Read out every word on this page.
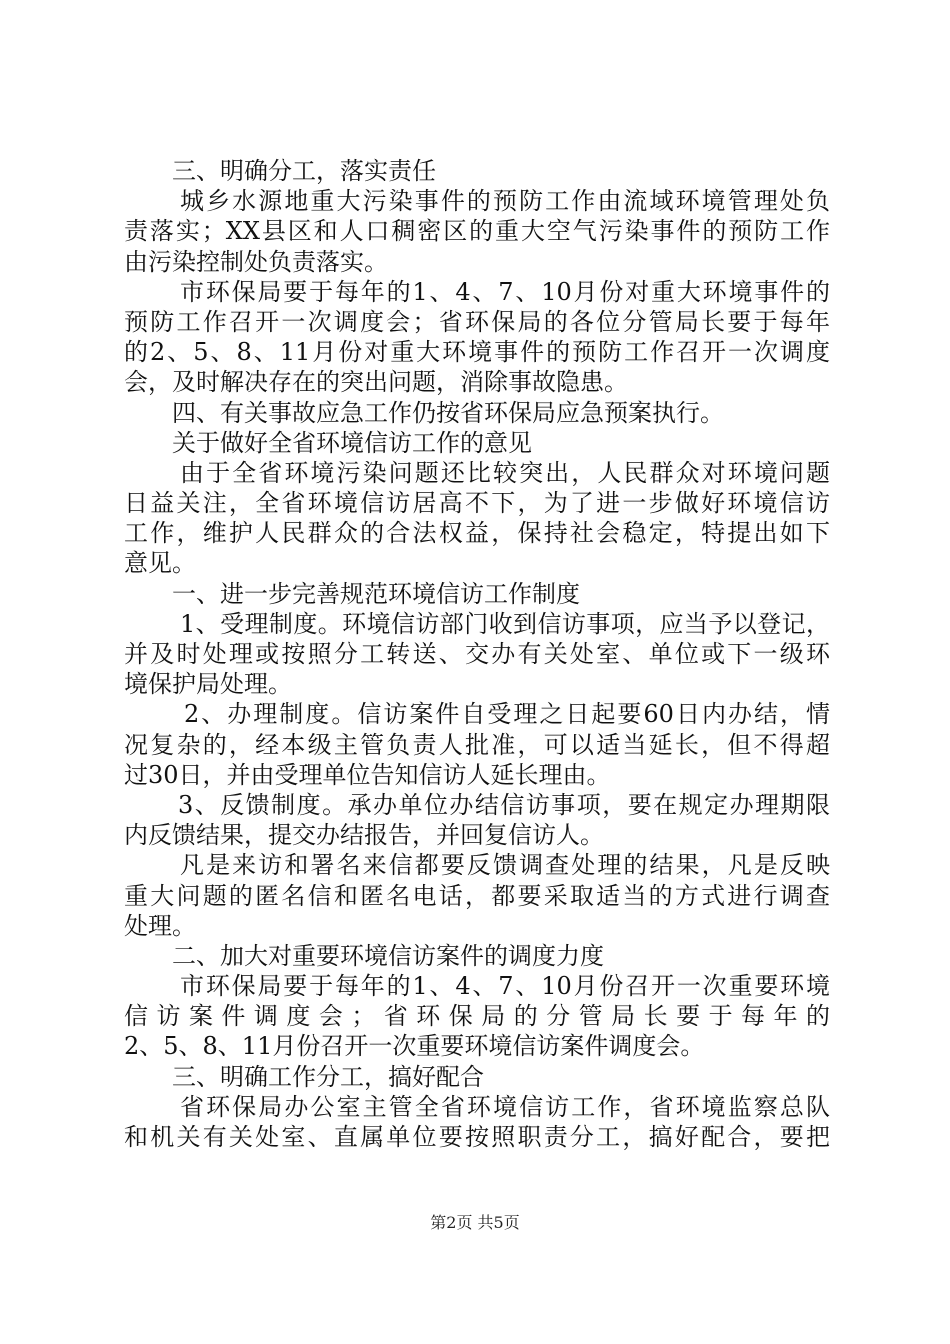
三、明确分工，落实责任
城乡水源地重大污染事件的预防工作由流域环境管理处负
责落实；XX县区和人口稠密区的重大空气污染事件的预防工作
由污染控制处负责落实。
市环保局要于每年的1、4、7、10月份对重大环境事件的
预防工作召开一次调度会；省环保局的各位分管局长要于每年
的2、5、8、11月份对重大环境事件的预防工作召开一次调度
会，及时解决存在的突出问题，消除事故隐患。
四、有关事故应急工作仍按省环保局应急预案执行。
关于做好全省环境信访工作的意见
由于全省环境污染问题还比较突出，人民群众对环境问题
日益关注，全省环境信访居高不下，为了进一步做好环境信访
工作，维护人民群众的合法权益，保持社会稳定，特提出如下
意见。
一、进一步完善规范环境信访工作制度
1、受理制度。环境信访部门收到信访事项，应当予以登记，
并及时处理或按照分工转送、交办有关处室、单位或下一级环
境保护局处理。
2、办理制度。信访案件自受理之日起要60日内办结，情
况复杂的，经本级主管负责人批准，可以适当延长，但不得超
过30日，并由受理单位告知信访人延长理由。
3、反馈制度。承办单位办结信访事项，要在规定办理期限
内反馈结果，提交办结报告，并回复信访人。
凡是来访和署名来信都要反馈调查处理的结果，凡是反映
重大问题的匿名信和匿名电话，都要采取适当的方式进行调查
处理。
二、加大对重要环境信访案件的调度力度
市环保局要于每年的1、4、7、10月份召开一次重要环境
信访案件调度会；省环保局的分管局长要于每年的
2、5、8、11月份召开一次重要环境信访案件调度会。
三、明确工作分工，搞好配合
省环保局办公室主管全省环境信访工作，省环境监察总队
和机关有关处室、直属单位要按照职责分工，搞好配合，要把
第2页 共5页
